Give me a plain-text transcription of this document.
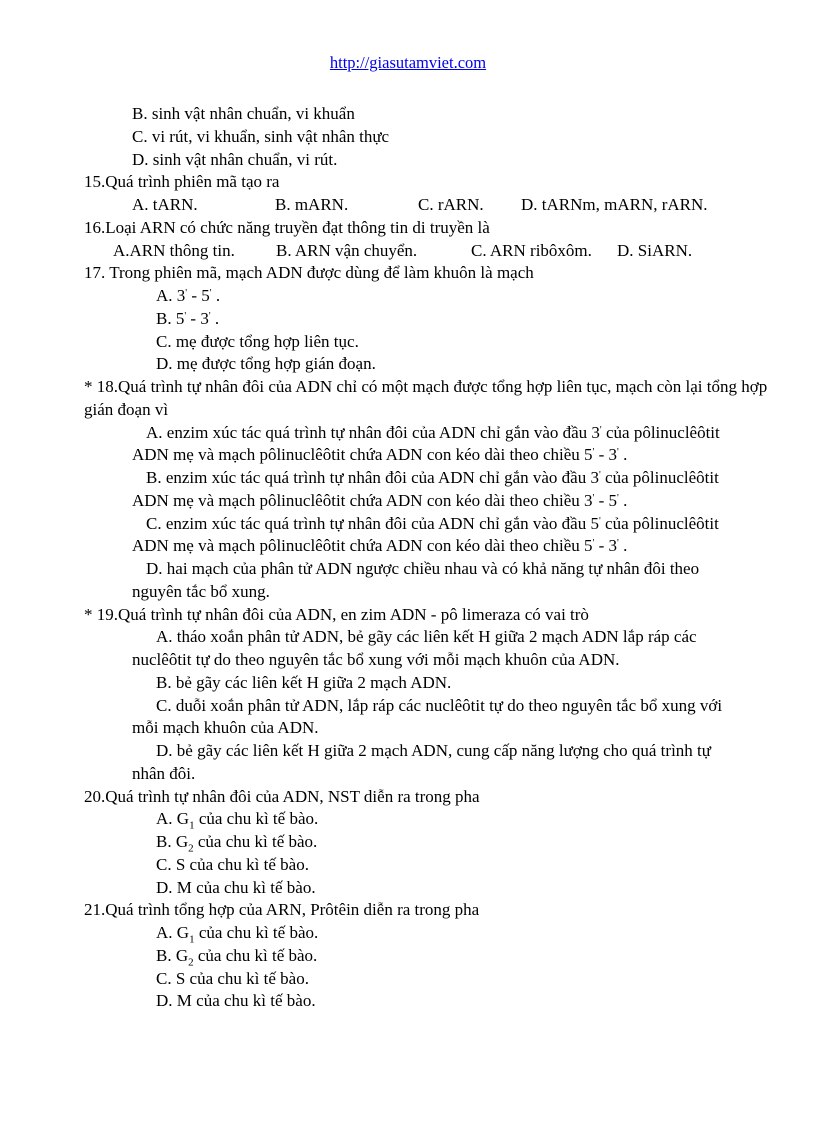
http://giasutamviet.com
B. sinh vật nhân chuẩn, vi khuẩn
C. vi rút, vi khuẩn, sinh vật nhân thực
D. sinh vật nhân chuẩn, vi rút.
15.Quá trình phiên mã tạo ra
A. tARN.	B. mARN.	C. rARN. D. tARNm, mARN, rARN.
16.Loại ARN có chức năng truyền đạt thông tin di truyền là
A.ARN thông tin. B. ARN vận chuyển.	C. ARN ribôxôm. D. SiARN.
17. Trong phiên mã, mạch ADN được dùng để làm khuôn là mạch
A. 3' - 5' .
B. 5' - 3' .
C. mẹ được tổng hợp liên tục.
D. mẹ được tổng hợp gián đoạn.
* 18.Quá trình tự nhân đôi của ADN chỉ có một mạch được tổng hợp liên tục, mạch còn lại tổng hợp gián đoạn vì
A. enzim xúc tác quá trình tự nhân đôi của ADN chỉ gắn vào đầu 3' của pôlinuclêôtit
ADN mẹ và mạch pôlinuclêôtit chứa ADN con kéo dài theo chiều 5' - 3' .
B. enzim xúc tác quá trình tự nhân đôi của ADN chỉ gắn vào đầu 3' của pôlinuclêôtit
ADN mẹ và mạch pôlinuclêôtit chứa ADN con kéo dài theo chiều 3' - 5' .
C. enzim xúc tác quá trình tự nhân đôi của ADN chỉ gắn vào đầu 5' của pôlinuclêôtit
ADN mẹ và mạch pôlinuclêôtit chứa ADN con kéo dài theo chiều 5' - 3' .
D. hai mạch của phân tử ADN ngược chiều nhau và có khả năng tự nhân đôi theo
nguyên tắc bổ xung.
* 19.Quá trình tự nhân đôi của ADN, en zim ADN - pô limeraza có vai trò
A. tháo xoắn phân tử ADN, bẻ gãy các liên kết H giữa 2 mạch ADN lắp ráp các
nuclêôtit tự do theo nguyên tắc bổ xung với mỗi mạch khuôn của ADN.
B. bẻ gãy các liên kết H giữa 2 mạch ADN.
C. duỗi xoắn phân tử ADN, lắp ráp các nuclêôtit tự do theo nguyên tắc bổ xung với
mỗi mạch khuôn của ADN.
D. bẻ gãy các liên kết H giữa 2 mạch ADN, cung cấp năng lượng cho quá trình tự
nhân đôi.
20.Quá trình tự nhân đôi của ADN, NST diễn ra trong pha
A. $G_1$ của chu kì tế bào.
B. $G_2$ của chu kì tế bào.
C. S của chu kì tế bào.
D. M của chu kì tế bào.
21.Quá trình tổng hợp của ARN, Prôtêin diễn ra trong pha
A. $G_1$ của chu kì tế bào.
B. $G_2$ của chu kì tế bào.
C. S của chu kì tế bào.
D. M của chu kì tế bào.
